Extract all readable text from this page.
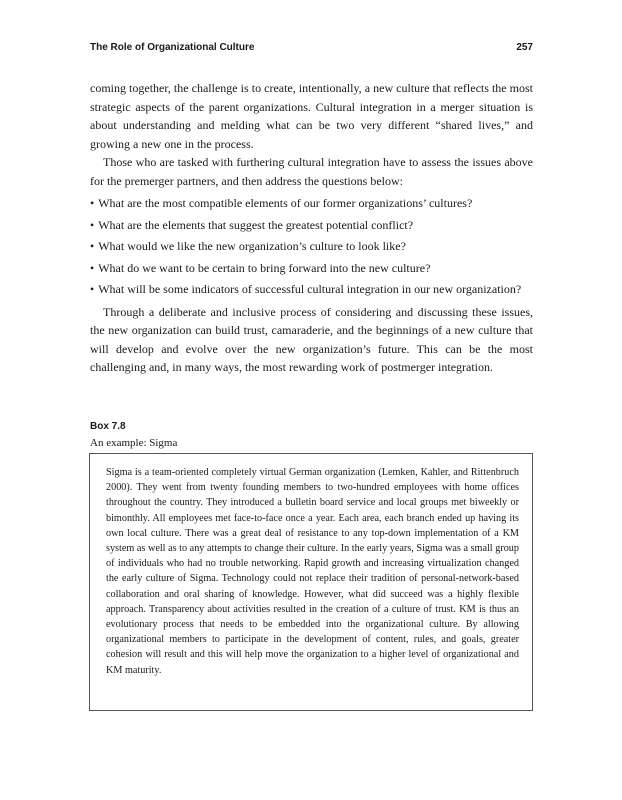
The Role of Organizational Culture	257

coming together, the challenge is to create, intentionally, a new culture that reflects the most strategic aspects of the parent organizations. Cultural integration in a merger situation is about understanding and melding what can be two very different “shared lives,” and growing a new one in the process.

Those who are tasked with furthering cultural integration have to assess the issues above for the premerger partners, and then address the questions below:

• What are the most compatible elements of our former organizations’ cultures?
• What are the elements that suggest the greatest potential conflict?
• What would we like the new organization’s culture to look like?
• What do we want to be certain to bring forward into the new culture?
• What will be some indicators of successful cultural integration in our new organization?

Through a deliberate and inclusive process of considering and discussing these issues, the new organization can build trust, camaraderie, and the beginnings of a new culture that will develop and evolve over the new organization’s future. This can be the most challenging and, in many ways, the most rewarding work of postmerger integration.

Box 7.8
An example: Sigma

Sigma is a team-oriented completely virtual German organization (Lemken, Kahler, and Rittenbruch 2000). They went from twenty founding members to two-hundred employees with home offices throughout the country. They introduced a bulletin board service and local groups met biweekly or bimonthly. All employees met face-to-face once a year. Each area, each branch ended up having its own local culture. There was a great deal of resistance to any top-down implementation of a KM system as well as to any attempts to change their culture. In the early years, Sigma was a small group of individuals who had no trouble networking. Rapid growth and increasing virtualization changed the early culture of Sigma. Technology could not replace their tradition of personal-network-based collaboration and oral sharing of knowledge. However, what did succeed was a highly flexible approach. Transparency about activities resulted in the creation of a culture of trust. KM is thus an evolutionary process that needs to be embedded into the organizational culture. By allowing organizational members to participate in the development of content, rules, and goals, greater cohesion will result and this will help move the organization to a higher level of organizational and KM maturity.
